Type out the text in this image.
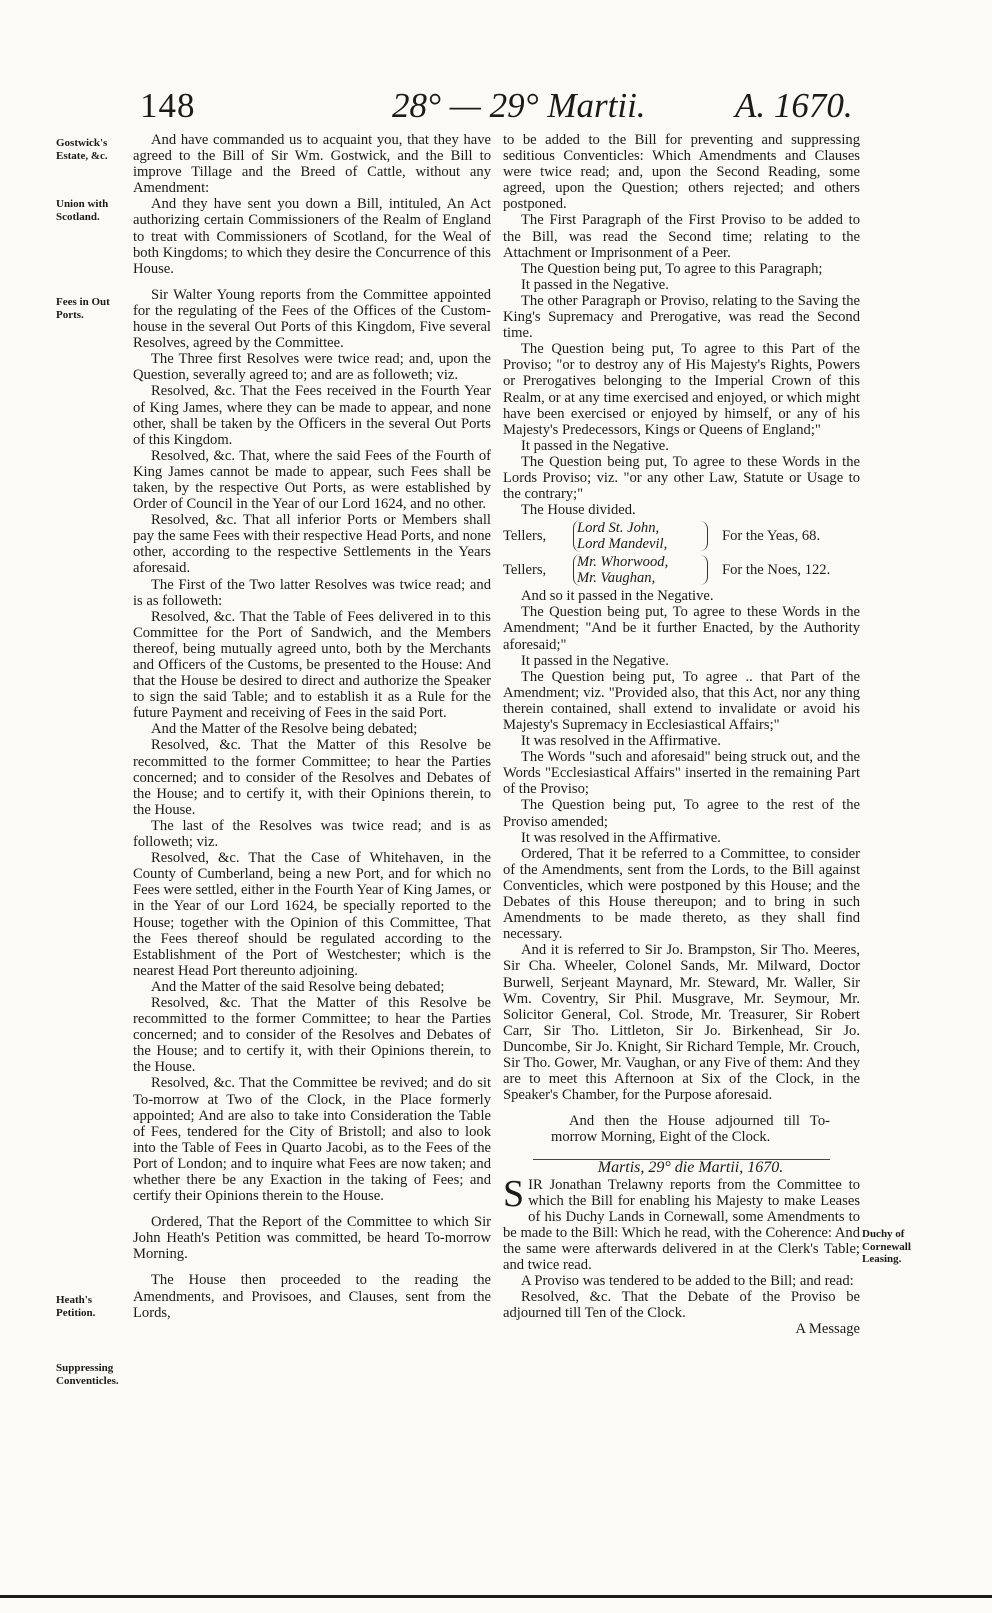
148	28° — 29° Martii.	A. 1670.
Gostwick's Estate, &c.
Union with Scotland.
Fees in Out Ports.
Heath's Petition.
Suppressing Conventicles.
Duchy of Cornewall Leasing.

And have commanded us to acquaint you, that they have agreed to the Bill of Sir Wm. Gostwick, and the Bill to improve Tillage and the Breed of Cattle, without any Amendment:

And they have sent you down a Bill, intituled, An Act authorizing certain Commissioners of the Realm of England to treat with Commissioners of Scotland, for the Weal of both Kingdoms; to which they desire the Concurrence of this House.

Sir Walter Young reports from the Committee appointed for the regulating of the Fees of the Offices of the Custom-house in the several Out Ports of this Kingdom, Five several Resolves, agreed by the Committee.

The Three first Resolves were twice read; and, upon the Question, severally agreed to; and are as followeth; viz.

Resolved, &c. That the Fees received in the Fourth Year of King James, where they can be made to appear, and none other, shall be taken by the Officers in the several Out Ports of this Kingdom.

Resolved, &c. That, where the said Fees of the Fourth of King James cannot be made to appear, such Fees shall be taken, by the respective Out Ports, as were established by Order of Council in the Year of our Lord 1624, and no other.

Resolved, &c. That all inferior Ports or Members shall pay the same Fees with their respective Head Ports, and none other, according to the respective Settlements in the Years aforesaid.

The First of the Two latter Resolves was twice read; and is as followeth:

Resolved, &c. That the Table of Fees delivered in to this Committee for the Port of Sandwich, and the Members thereof, being mutually agreed unto, both by the Merchants and Officers of the Customs, be presented to the House: And that the House be desired to direct and authorize the Speaker to sign the said Table; and to establish it as a Rule for the future Payment and receiving of Fees in the said Port.

And the Matter of the Resolve being debated;

Resolved, &c. That the Matter of this Resolve be recommitted to the former Committee; to hear the Parties concerned; and to consider of the Resolves and Debates of the House; and to certify it, with their Opinions therein, to the House.

The last of the Resolves was twice read; and is as followeth; viz.

Resolved, &c. That the Case of Whitehaven, in the County of Cumberland, being a new Port, and for which no Fees were settled, either in the Fourth Year of King James, or in the Year of our Lord 1624, be specially reported to the House; together with the Opinion of this Committee, That the Fees thereof should be regulated according to the Establishment of the Port of Westchester; which is the nearest Head Port thereunto adjoining.

And the Matter of the said Resolve being debated;

Resolved, &c. That the Matter of this Resolve be recommitted to the former Committee; to hear the Parties concerned; and to consider of the Resolves and Debates of the House; and to certify it, with their Opinions therein, to the House.

Resolved, &c. That the Committee be revived; and do sit To-morrow at Two of the Clock, in the Place formerly appointed; And are also to take into Consideration the Table of Fees, tendered for the City of Bristoll; and also to look into the Table of Fees in Quarto Jacobi, as to the Fees of the Port of London; and to inquire what Fees are now taken; and whether there be any Exaction in the taking of Fees; and certify their Opinions therein to the House.

Ordered, That the Report of the Committee to which Sir John Heath's Petition was committed, be heard To-morrow Morning.

The House then proceeded to the reading the Amendments, and Provisoes, and Clauses, sent from the Lords,

to be added to the Bill for preventing and suppressing seditious Conventicles: Which Amendments and Clauses were twice read; and, upon the Second Reading, some agreed, upon the Question; others rejected; and others postponed.

The First Paragraph of the First Proviso to be added to the Bill, was read the Second time; relating to the Attachment or Imprisonment of a Peer.

The Question being put, To agree to this Paragraph;

It passed in the Negative.

The other Paragraph or Proviso, relating to the Saving the King's Supremacy and Prerogative, was read the Second time.

The Question being put, To agree to this Part of the Proviso; "or to destroy any of His Majesty's Rights, Powers or Prerogatives belonging to the Imperial Crown of this Realm, or at any time exercised and enjoyed, or which might have been exercised or enjoyed by himself, or any of his Majesty's Predecessors, Kings or Queens of England;"

It passed in the Negative.

The Question being put, To agree to these Words in the Lords Proviso; viz. "or any other Law, Statute or Usage to the contrary;"

The House divided.

Tellers,	Lord St. John,
Lord Mandevil,
For the Yeas, 68.
Tellers,	Mr. Whorwood,
Mr. Vaughan,
For the Noes, 122.

And so it passed in the Negative.

The Question being put, To agree to these Words in the Amendment; "And be it further Enacted, by the Authority aforesaid;"

It passed in the Negative.

The Question being put, To agree .. that Part of the Amendment; viz. "Provided also, that this Act, nor any thing therein contained, shall extend to invalidate or avoid his Majesty's Supremacy in Ecclesiastical Affairs;"

It was resolved in the Affirmative.

The Words "such and aforesaid" being struck out, and the Words "Ecclesiastical Affairs" inserted in the remaining Part of the Proviso;

The Question being put, To agree to the rest of the Proviso amended;

It was resolved in the Affirmative.

Ordered, That it be referred to a Committee, to consider of the Amendments, sent from the Lords, to the Bill against Conventicles, which were postponed by this House; and the Debates of this House thereupon; and to bring in such Amendments to be made thereto, as they shall find necessary.

And it is referred to Sir Jo. Brampston, Sir Tho. Meeres, Sir Cha. Wheeler, Colonel Sands, Mr. Milward, Doctor Burwell, Serjeant Maynard, Mr. Steward, Mr. Waller, Sir Wm. Coventry, Sir Phil. Musgrave, Mr. Seymour, Mr. Solicitor General, Col. Strode, Mr. Treasurer, Sir Robert Carr, Sir Tho. Littleton, Sir Jo. Birkenhead, Sir Jo. Duncombe, Sir Jo. Knight, Sir Richard Temple, Mr. Crouch, Sir Tho. Gower, Mr. Vaughan, or any Five of them: And they are to meet this Afternoon at Six of the Clock, in the Speaker's Chamber, for the Purpose aforesaid.

And then the House adjourned till To-morrow Morning, Eight of the Clock.

Martis, 29° die Martii, 1670.

SIR Jonathan Trelawny reports from the Committee to which the Bill for enabling his Majesty to make Leases of his Duchy Lands in Cornewall, some Amendments to be made to the Bill: Which he read, with the Coherence: And the same were afterwards delivered in at the Clerk's Table; and twice read.

A Proviso was tendered to be added to the Bill; and read:

Resolved, &c. That the Debate of the Proviso be adjourned till Ten of the Clock.

A Message
